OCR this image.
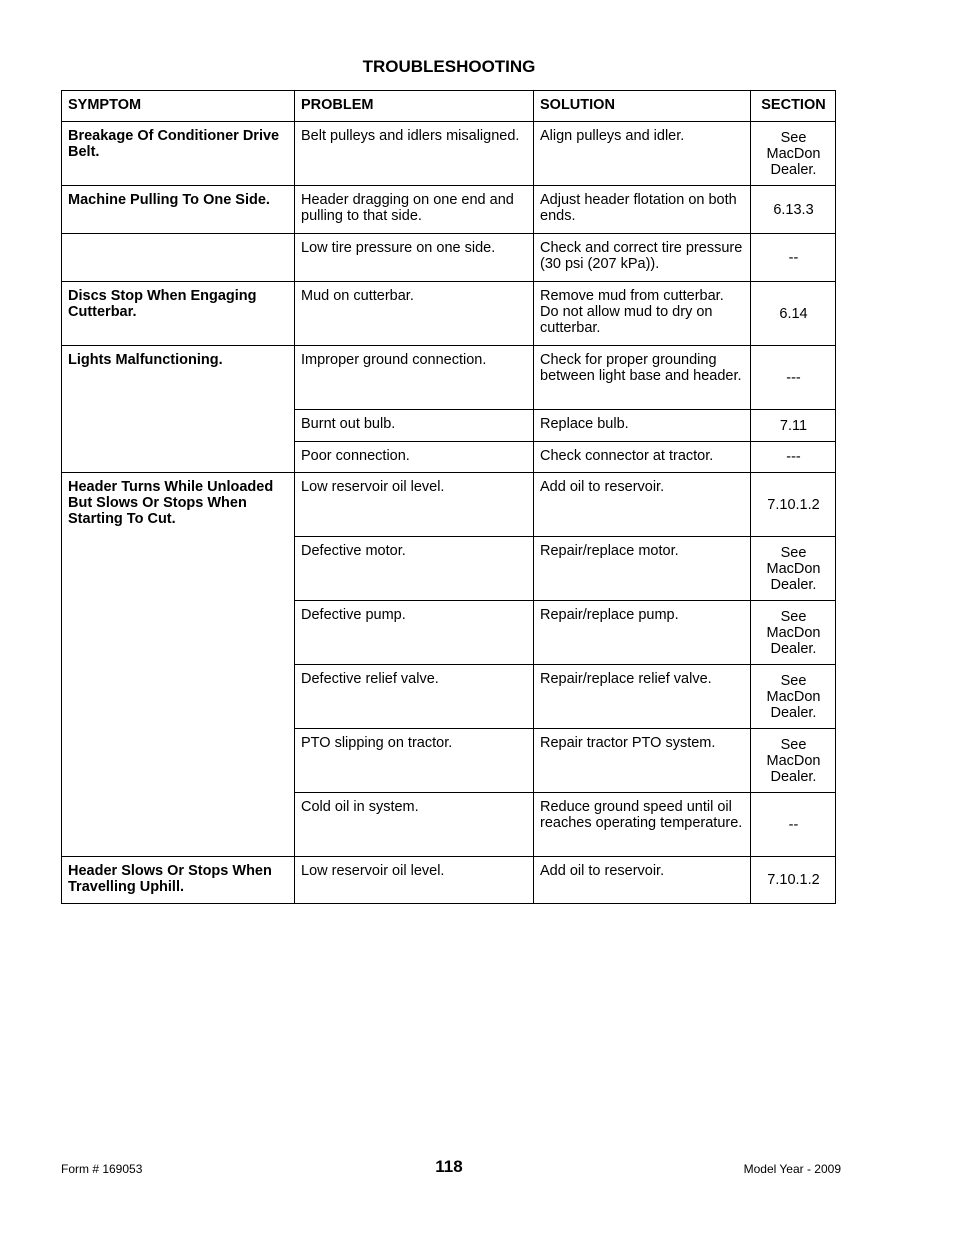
TROUBLESHOOTING
SYMPTOM	PROBLEM	SOLUTION	SECTION
Breakage Of Conditioner Drive Belt.	Belt pulleys and idlers misaligned.	Align pulleys and idler.	See MacDon Dealer.
Machine Pulling To One Side.	Header dragging on one end and pulling to that side.	Adjust header flotation on both ends.	6.13.3
	Low tire pressure on one side.	Check and correct tire pressure (30 psi (207 kPa)).	--
Discs Stop When Engaging Cutterbar.	Mud on cutterbar.	Remove mud from cutterbar. Do not allow mud to dry on cutterbar.	6.14
Lights Malfunctioning.	Improper ground connection.	Check for proper grounding between light base and header.	---
	Burnt out bulb.	Replace bulb.	7.11
	Poor connection.	Check connector at tractor.	---
Header Turns While Unloaded But Slows Or Stops When Starting To Cut.	Low reservoir oil level.	Add oil to reservoir.	7.10.1.2
	Defective motor.	Repair/replace motor.	See MacDon Dealer.
	Defective pump.	Repair/replace pump.	See MacDon Dealer.
	Defective relief valve.	Repair/replace relief valve.	See MacDon Dealer.
	PTO slipping on tractor.	Repair tractor PTO system.	See MacDon Dealer.
	Cold oil in system.	Reduce ground speed until oil reaches operating temperature.	--
Header Slows Or Stops When Travelling Uphill.	Low reservoir oil level.	Add oil to reservoir.	7.10.1.2
Form # 169053	118	Model Year - 2009
